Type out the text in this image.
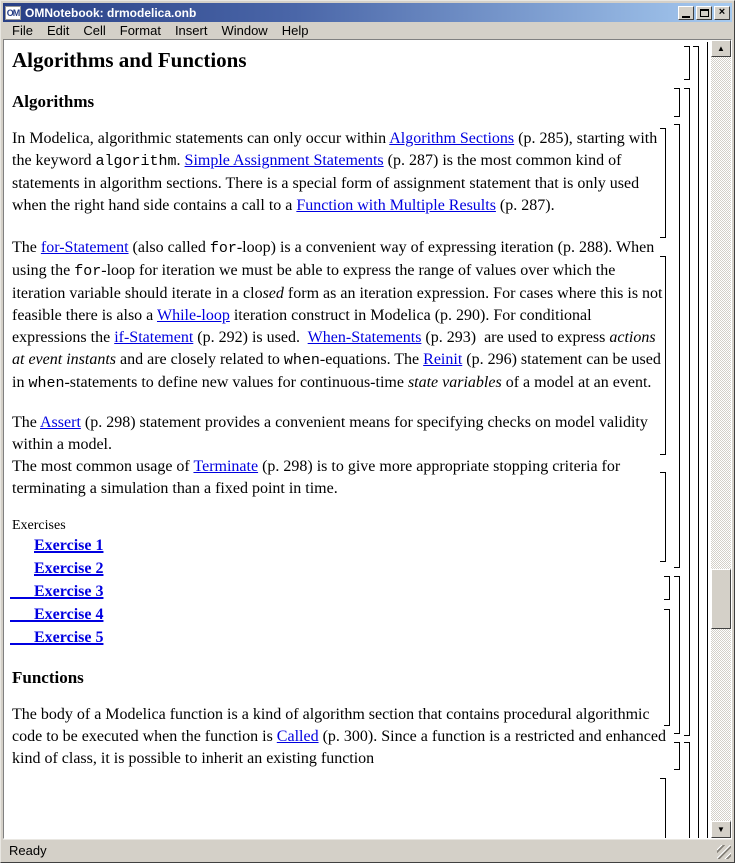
OM OMNotebook: drmodelica.onb	×
File	Edit	Cell	Format	Insert	Window	Help
Algorithms and Functions
Algorithms
In Modelica, algorithmic statements can only occur within Algorithm Sections (p. 285), starting with the keyword algorithm. Simple Assignment Statements (p. 287) is the most common kind of statements in algorithm sections. There is a special form of assignment statement that is only used when the right hand side contains a call to a Function with Multiple Results (p. 287).
The for-Statement (also called for-loop) is a convenient way of expressing iteration (p. 288). When using the for-loop for iteration we must be able to express the range of values over which the iteration variable should iterate in a closed form as an iteration expression. For cases where this is not feasible there is also a While-loop iteration construct in Modelica (p. 290). For conditional expressions the if-Statement (p. 292) is used.  When-Statements (p. 293)  are used to express actions at event instants and are closely related to when-equations. The Reinit (p. 296) statement can be used in when-statements to define new values for continuous-time state variables of a model at an event.
The Assert (p. 298) statement provides a convenient means for specifying checks on model validity within a model.
The most common usage of Terminate (p. 298) is to give more appropriate stopping criteria for terminating a simulation than a fixed point in time.
Exercises
Exercise 1
Exercise 2
Exercise 3
Exercise 4
Exercise 5
Functions
The body of a Modelica function is a kind of algorithm section that contains procedural algorithmic code to be executed when the function is Called (p. 300). Since a function is a restricted and enhanced kind of class, it is possible to inherit an existing function
▲
▼
Ready
